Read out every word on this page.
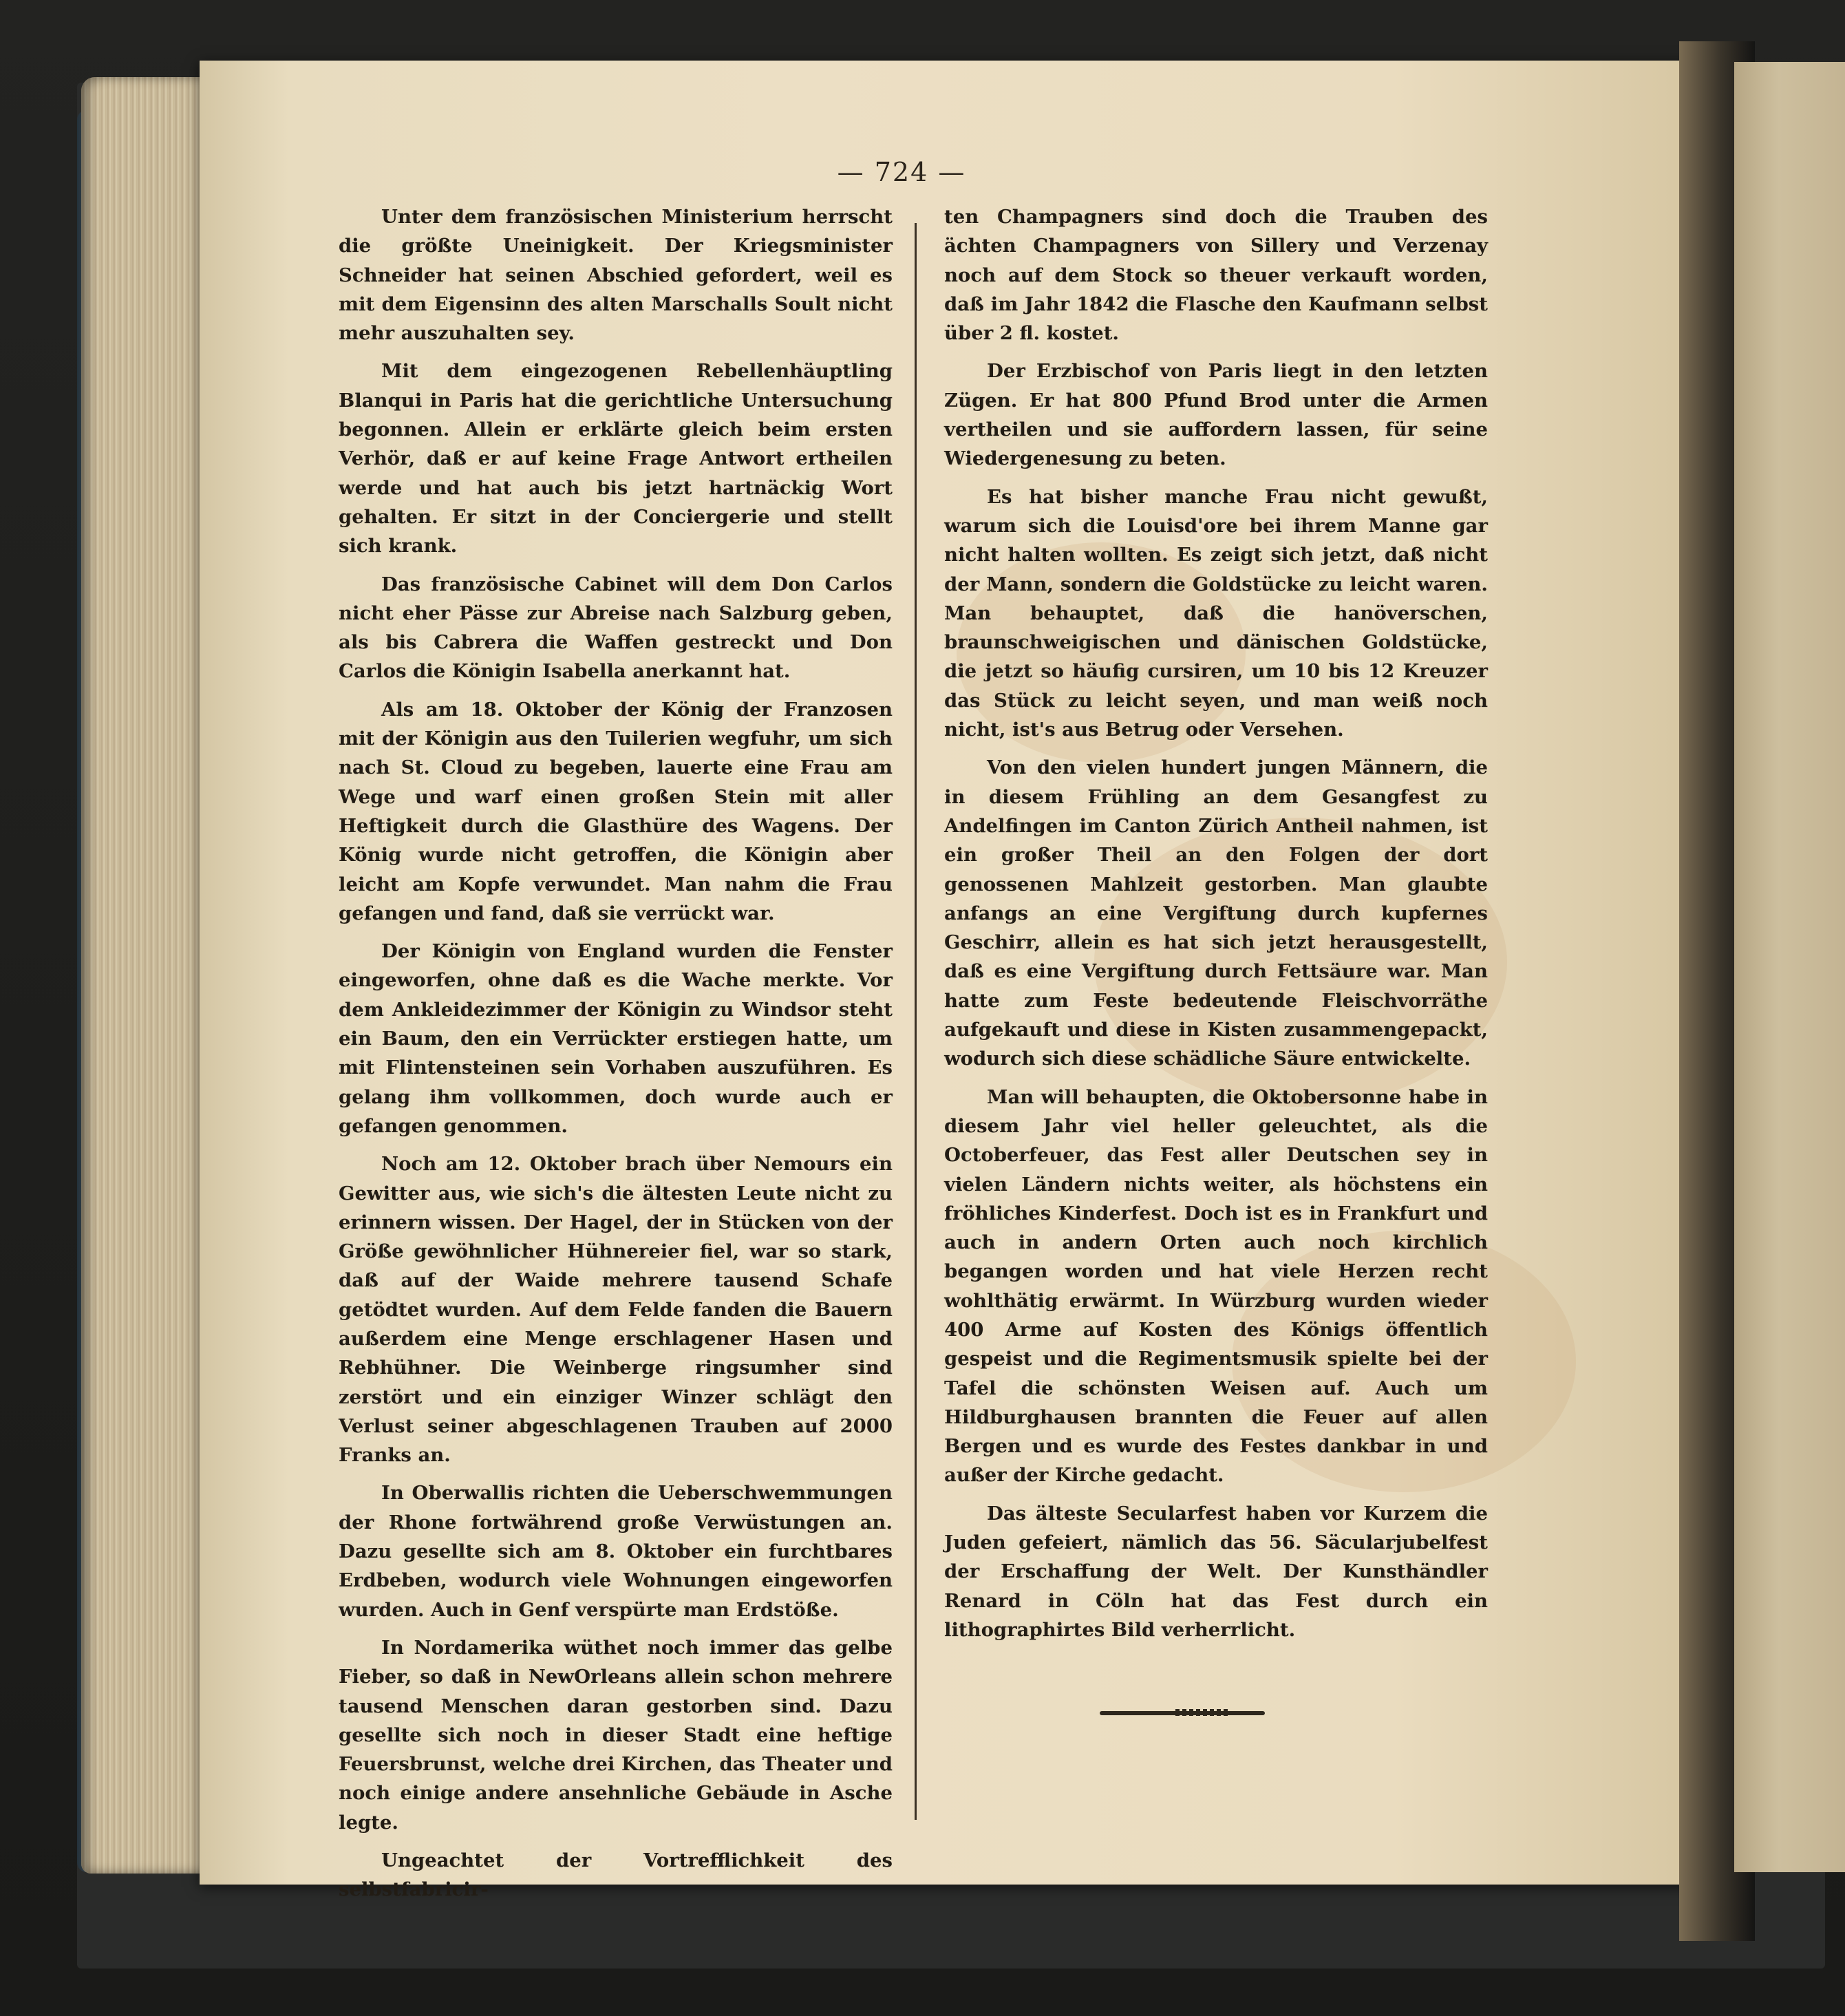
— 724 —

Unter dem französischen Ministerium herrscht die größte Uneinigkeit. Der Kriegsminister Schneider hat seinen Abschied gefordert, weil es mit dem Eigensinn des alten Marschalls Soult nicht mehr auszuhalten sey.

Mit dem eingezogenen Rebellenhäuptling Blanqui in Paris hat die gerichtliche Untersuchung begonnen. Allein er erklärte gleich beim ersten Verhör, daß er auf keine Frage Antwort ertheilen werde und hat auch bis jetzt hartnäckig Wort gehalten. Er sitzt in der Conciergerie und stellt sich krank.

Das französische Cabinet will dem Don Carlos nicht eher Pässe zur Abreise nach Salzburg geben, als bis Cabrera die Waffen gestreckt und Don Carlos die Königin Isabella anerkannt hat.

Als am 18. Oktober der König der Franzosen mit der Königin aus den Tuilerien wegfuhr, um sich nach St. Cloud zu begeben, lauerte eine Frau am Wege und warf einen großen Stein mit aller Heftigkeit durch die Glasthüre des Wagens. Der König wurde nicht getroffen, die Königin aber leicht am Kopfe verwundet. Man nahm die Frau gefangen und fand, daß sie verrückt war.

Der Königin von England wurden die Fenster eingeworfen, ohne daß es die Wache merkte. Vor dem Ankleidezimmer der Königin zu Windsor steht ein Baum, den ein Verrückter erstiegen hatte, um mit Flintensteinen sein Vorhaben auszuführen. Es gelang ihm vollkommen, doch wurde auch er gefangen genommen.

Noch am 12. Oktober brach über Nemours ein Gewitter aus, wie sich's die ältesten Leute nicht zu erinnern wissen. Der Hagel, der in Stücken von der Größe gewöhnlicher Hühnereier fiel, war so stark, daß auf der Waide mehrere tausend Schafe getödtet wurden. Auf dem Felde fanden die Bauern außerdem eine Menge erschlagener Hasen und Rebhühner. Die Weinberge ringsumher sind zerstört und ein einziger Winzer schlägt den Verlust seiner abgeschlagenen Trauben auf 2000 Franks an.

In Oberwallis richten die Ueberschwemmungen der Rhone fortwährend große Verwüstungen an. Dazu gesellte sich am 8. Oktober ein furchtbares Erdbeben, wodurch viele Wohnungen eingeworfen wurden. Auch in Genf verspürte man Erdstöße.

In Nordamerika wüthet noch immer das gelbe Fieber, so daß in NewOrleans allein schon mehrere tausend Menschen daran gestorben sind. Dazu gesellte sich noch in dieser Stadt eine heftige Feuersbrunst, welche drei Kirchen, das Theater und noch einige andere ansehnliche Gebäude in Asche legte.

Ungeachtet der Vortrefflichkeit des selbstfabricir-

ten Champagners sind doch die Trauben des ächten Champagners von Sillery und Verzenay noch auf dem Stock so theuer verkauft worden, daß im Jahr 1842 die Flasche den Kaufmann selbst über 2 fl. kostet.

Der Erzbischof von Paris liegt in den letzten Zügen. Er hat 800 Pfund Brod unter die Armen vertheilen und sie auffordern lassen, für seine Wiedergenesung zu beten.

Es hat bisher manche Frau nicht gewußt, warum sich die Louisd'ore bei ihrem Manne gar nicht halten wollten. Es zeigt sich jetzt, daß nicht der Mann, sondern die Goldstücke zu leicht waren. Man behauptet, daß die hanöverschen, braunschweigischen und dänischen Goldstücke, die jetzt so häufig cursiren, um 10 bis 12 Kreuzer das Stück zu leicht seyen, und man weiß noch nicht, ist's aus Betrug oder Versehen.

Von den vielen hundert jungen Männern, die in diesem Frühling an dem Gesangfest zu Andelfingen im Canton Zürich Antheil nahmen, ist ein großer Theil an den Folgen der dort genossenen Mahlzeit gestorben. Man glaubte anfangs an eine Vergiftung durch kupfernes Geschirr, allein es hat sich jetzt herausgestellt, daß es eine Vergiftung durch Fettsäure war. Man hatte zum Feste bedeutende Fleischvorräthe aufgekauft und diese in Kisten zusammengepackt, wodurch sich diese schädliche Säure entwickelte.

Man will behaupten, die Oktobersonne habe in diesem Jahr viel heller geleuchtet, als die Octoberfeuer, das Fest aller Deutschen sey in vielen Ländern nichts weiter, als höchstens ein fröhliches Kinderfest. Doch ist es in Frankfurt und auch in andern Orten auch noch kirchlich begangen worden und hat viele Herzen recht wohlthätig erwärmt. In Würzburg wurden wieder 400 Arme auf Kosten des Königs öffentlich gespeist und die Regimentsmusik spielte bei der Tafel die schönsten Weisen auf. Auch um Hildburghausen brannten die Feuer auf allen Bergen und es wurde des Festes dankbar in und außer der Kirche gedacht.

Das älteste Secularfest haben vor Kurzem die Juden gefeiert, nämlich das 56. Säcularjubelfest der Erschaffung der Welt. Der Kunsthändler Renard in Cöln hat das Fest durch ein lithographirtes Bild verherrlicht.
